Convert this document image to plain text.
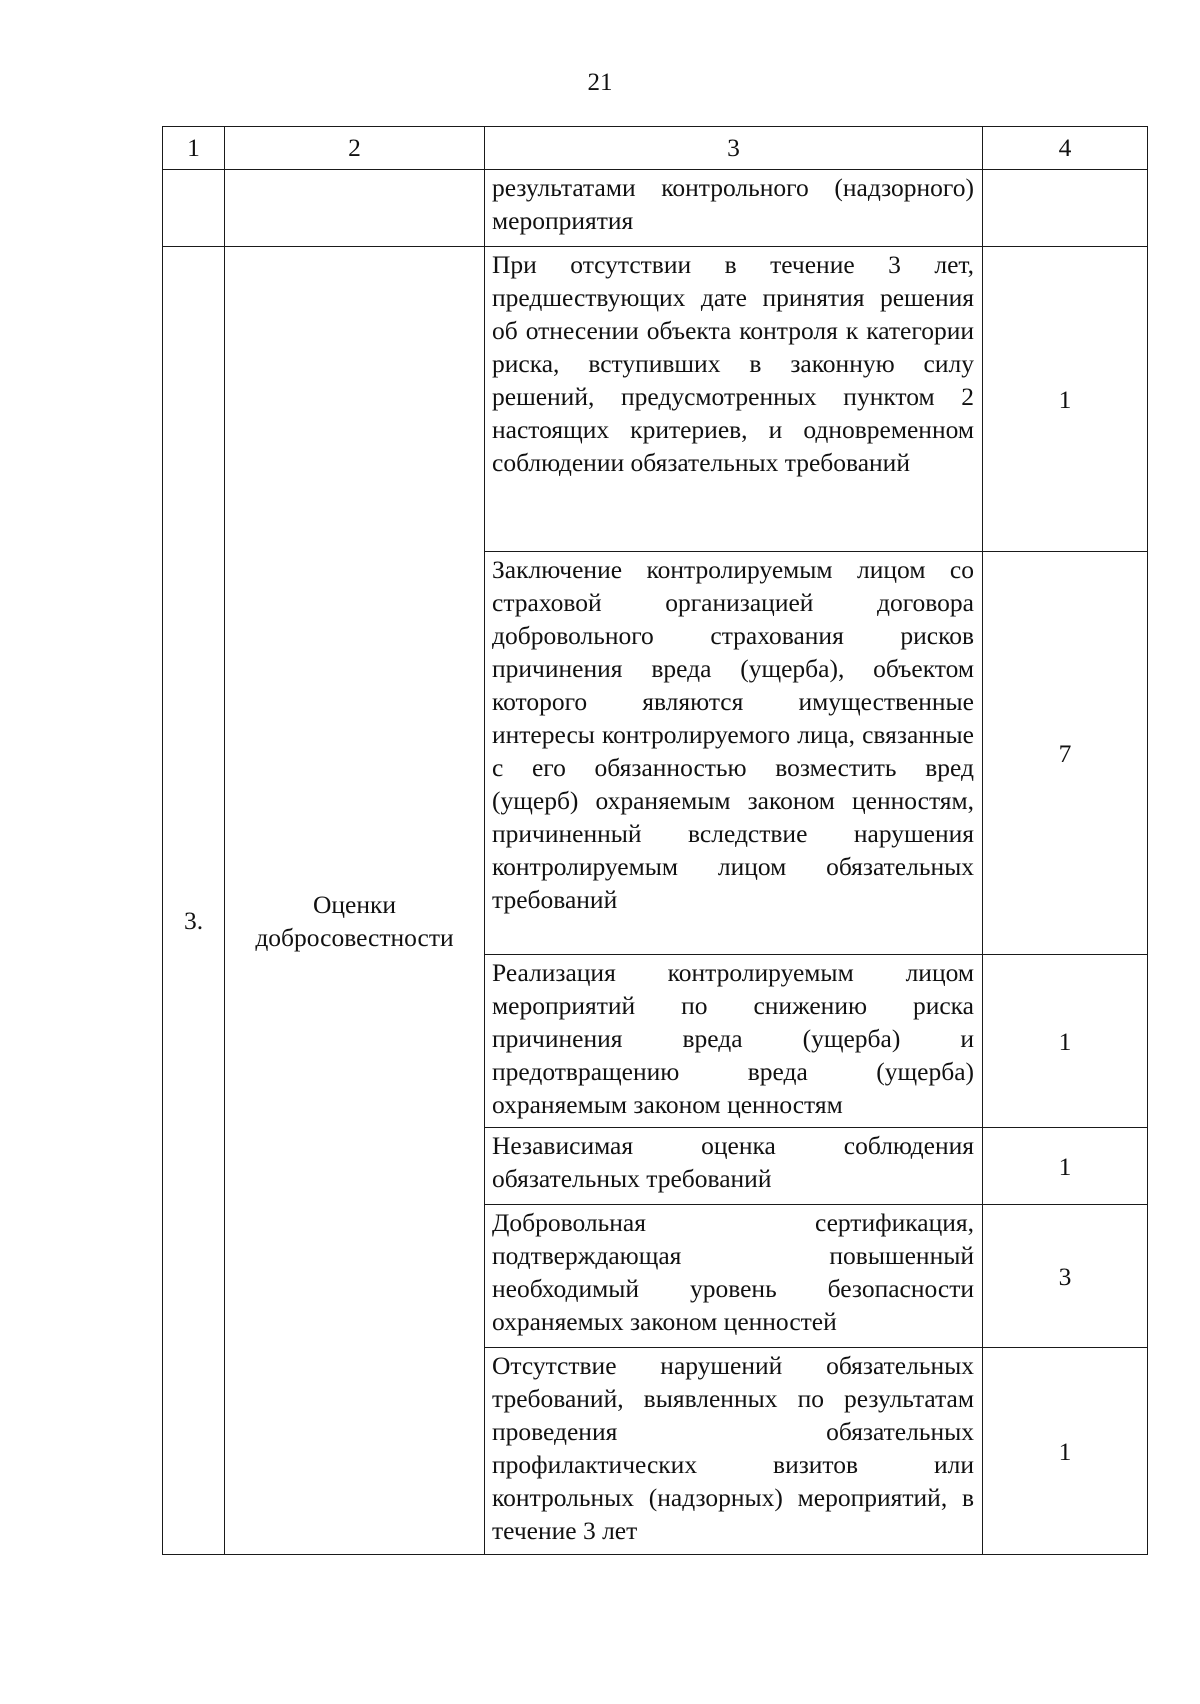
21
1	2	3	4
		результатами контрольного (надзорного) мероприятия	
3.	Оценки добросовестности	При отсутствии в течение 3 лет, предшествующих дате принятия решения об отнесении объекта контроля к категории риска, вступивших в законную силу решений, предусмотренных пунктом 2 настоящих критериев, и одновременном соблюдении обязательных требований	1
		Заключение контролируемым лицом со страховой организацией договора добровольного страхования рисков причинения вреда (ущерба), объектом которого являются имущественные интересы контролируемого лица, связанные с его обязанностью возместить вред (ущерб) охраняемым законом ценностям, причиненный вследствие нарушения контролируемым лицом обязательных требований	7
		Реализация контролируемым лицом мероприятий по снижению риска причинения вреда (ущерба) и предотвращению вреда (ущерба) охраняемым законом ценностям	1
		Независимая оценка соблюдения обязательных требований	1
		Добровольная сертификация, подтверждающая повышенный необходимый уровень безопасности охраняемых законом ценностей	3
		Отсутствие нарушений обязательных требований, выявленных по результатам проведения обязательных профилактических визитов или контрольных (надзорных) мероприятий, в течение 3 лет	1
